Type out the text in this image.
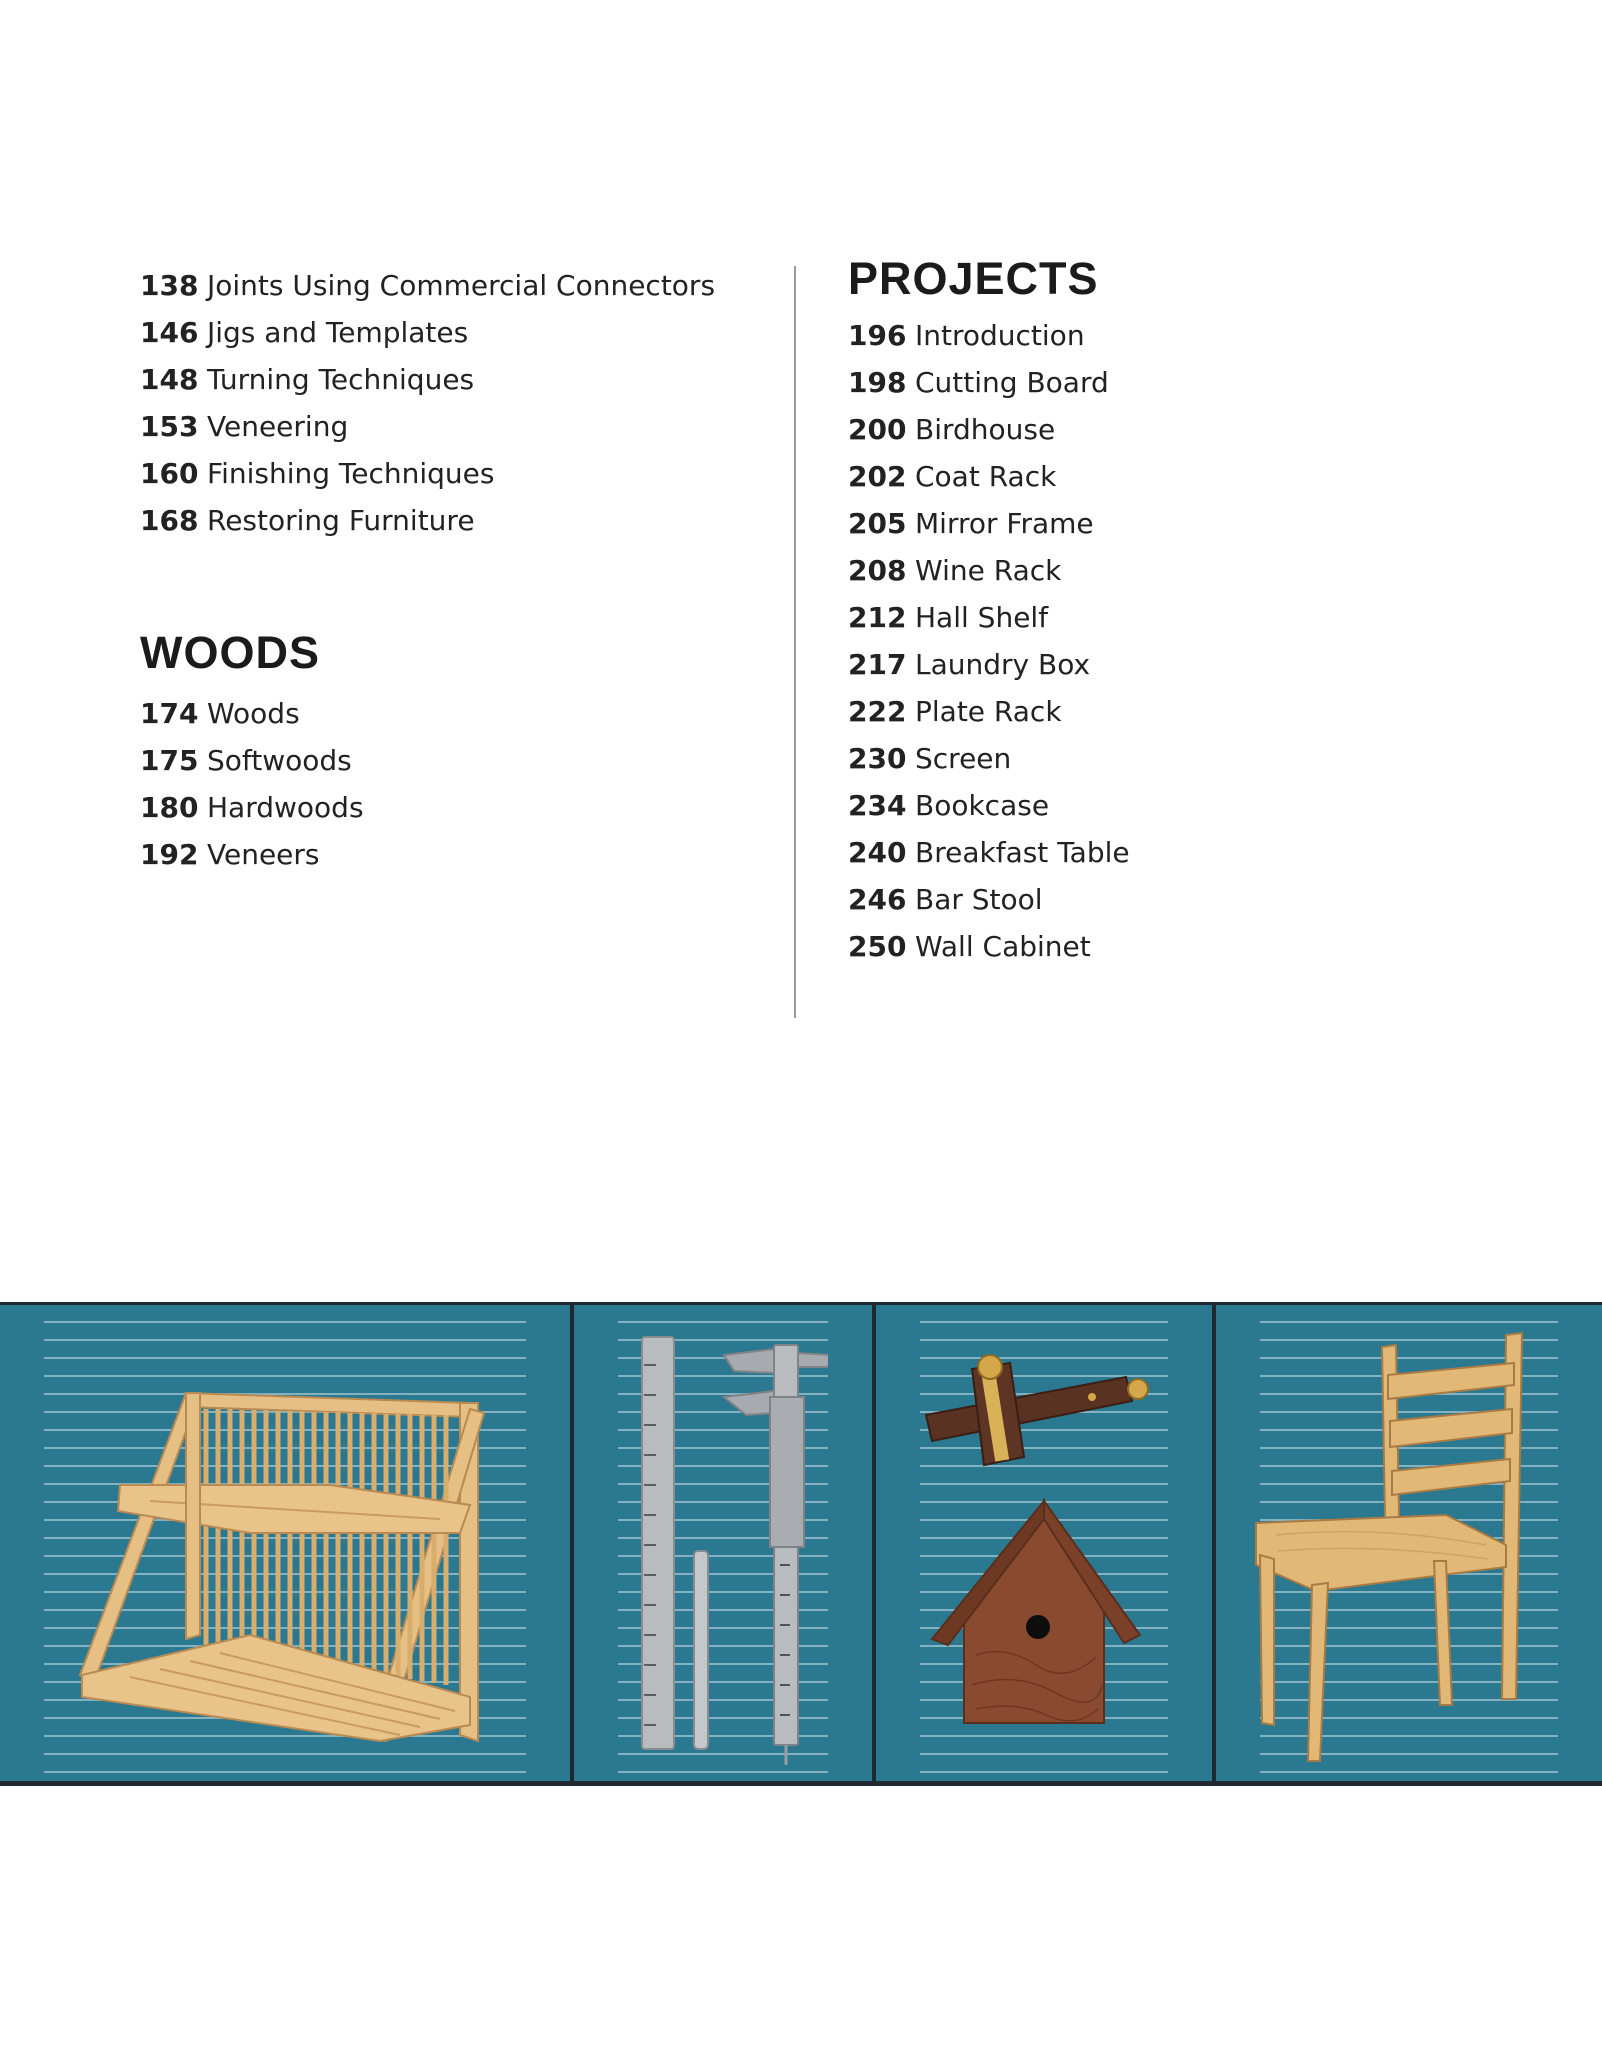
138 Joints Using Commercial Connectors
146 Jigs and Templates
148 Turning Techniques
153 Veneering
160 Finishing Techniques
168 Restoring Furniture
WOODS
174 Woods
175 Softwoods
180 Hardwoods
192 Veneers
PROJECTS
196 Introduction
198 Cutting Board
200 Birdhouse
202 Coat Rack
205 Mirror Frame
208 Wine Rack
212 Hall Shelf
217 Laundry Box
222 Plate Rack
230 Screen
234 Bookcase
240 Breakfast Table
246 Bar Stool
250 Wall Cabinet
